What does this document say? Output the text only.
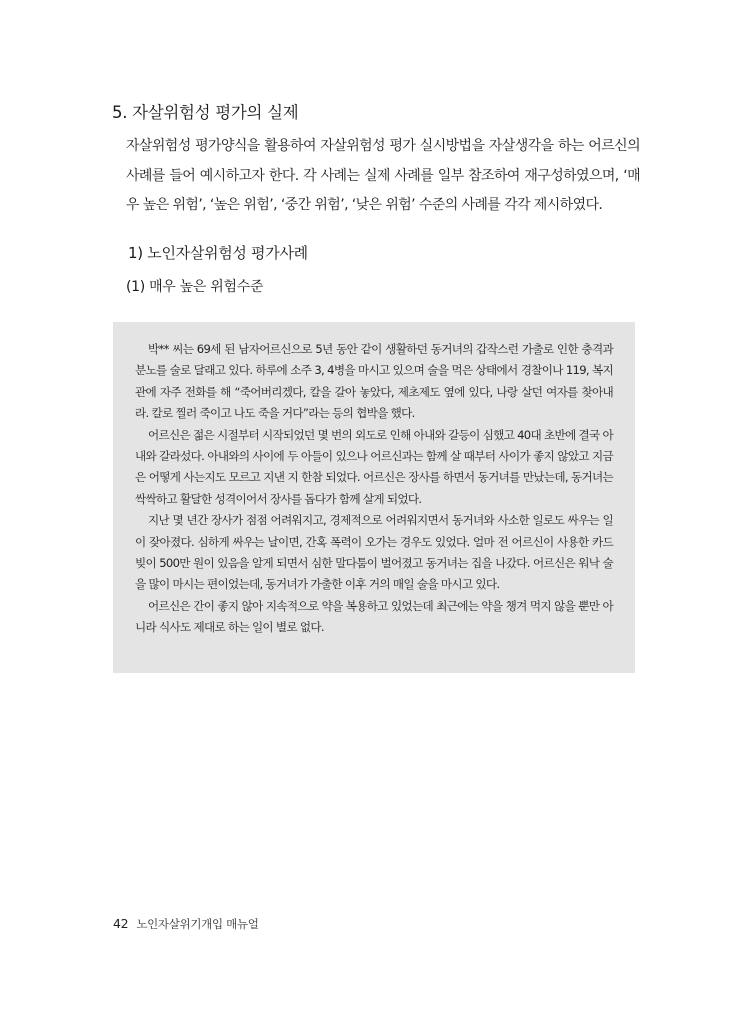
5. 자살위험성 평가의 실제
자살위험성 평가양식을 활용하여 자살위험성 평가 실시방법을 자살생각을 하는 어르신의 사례를 들어 예시하고자 한다. 각 사례는 실제 사례를 일부 참조하여 재구성하였으며, ‘매우 높은 위험’, ‘높은 위험’, ‘중간 위험’, ‘낮은 위험’ 수준의 사례를 각각 제시하였다.
1) 노인자살위험성 평가사례
(1) 매우 높은 위험수준

박** 씨는 69세 된 남자어르신으로 5년 동안 같이 생활하던 동거녀의 갑작스런 가출로 인한 충격과 분노를 술로 달래고 있다. 하루에 소주 3, 4병을 마시고 있으며 술을 먹은 상태에서 경찰이나 119, 복지관에 자주 전화를 해 “죽어버리겠다, 칼을 갈아 놓았다, 제초제도 옆에 있다, 나랑 살던 여자를 찾아내라. 칼로 찔러 죽이고 나도 죽을 거다”라는 등의 협박을 했다.

어르신은 젊은 시절부터 시작되었던 몇 번의 외도로 인해 아내와 갈등이 심했고 40대 초반에 결국 아내와 갈라섰다. 아내와의 사이에 두 아들이 있으나 어르신과는 함께 살 때부터 사이가 좋지 않았고 지금은 어떻게 사는지도 모르고 지낸 지 한참 되었다. 어르신은 장사를 하면서 동거녀를 만났는데, 동거녀는 싹싹하고 활달한 성격이어서 장사를 돕다가 함께 살게 되었다.

지난 몇 년간 장사가 점점 어려워지고, 경제적으로 어려워지면서 동거녀와 사소한 일로도 싸우는 일이 잦아졌다. 심하게 싸우는 날이면, 간혹 폭력이 오가는 경우도 있었다. 얼마 전 어르신이 사용한 카드빚이 500만 원이 있음을 알게 되면서 심한 말다툼이 벌어졌고 동거녀는 집을 나갔다. 어르신은 워낙 술을 많이 마시는 편이었는데, 동거녀가 가출한 이후 거의 매일 술을 마시고 있다.

어르신은 간이 좋지 않아 지속적으로 약을 복용하고 있었는데 최근에는 약을 챙겨 먹지 않을 뿐만 아니라 식사도 제대로 하는 일이 별로 없다.

42 노인자살위기개입 매뉴얼
